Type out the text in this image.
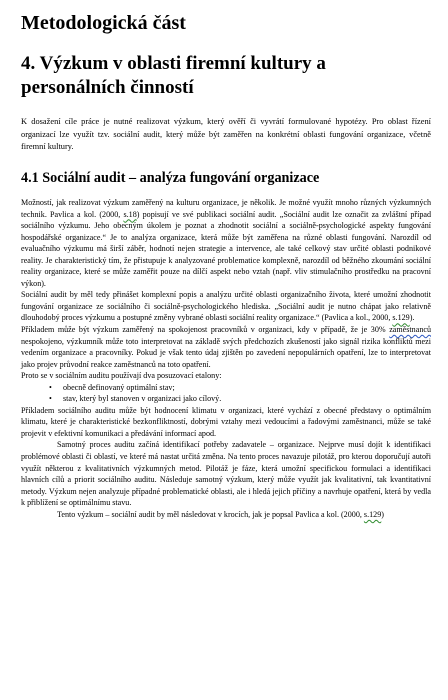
Metodologická část
4. Výzkum v oblasti firemní kultury a personálních činností

K dosažení cíle práce je nutné realizovat výzkum, který ověří či vyvrátí formulované hypotézy. Pro oblast řízení organizací lze využít tzv. sociální audit, který může být zaměřen na konkrétní oblasti fungování organizace, včetně firemní kultury.

4.1 Sociální audit – analýza fungování organizace

Možností, jak realizovat výzkum zaměřený na kulturu organizace, je několik. Je možné využít mnoho různých výzkumných technik. Pavlica a kol. (2000, s.18) popisují ve své publikaci sociální audit. „Sociální audit lze označit za zvláštní případ sociálního výzkumu. Jeho obecným úkolem je poznat a zhodnotit sociální a sociálně-psychologické aspekty fungování hospodářské organizace.“ Je to analýza organizace, která může být zaměřena na různé oblasti fungování. Narozdíl od evaluačního výzkumu má širší záběr, hodnotí nejen strategie a intervence, ale také celkový stav určité oblasti podnikové reality. Je charakteristický tím, že přistupuje k analyzované problematice komplexně, narozdíl od běžného zkoumání sociální reality organizace, které se může zaměřit pouze na dílčí aspekt nebo vztah (např. vliv stimulačního prostředku na pracovní výkon).

Sociální audit by měl tedy přinášet komplexní popis a analýzu určité oblasti organizačního života, které umožní zhodnotit fungování organizace ze sociálního či sociálně-psychologického hlediska. „Sociální audit je nutno chápat jako relativně dlouhodobý proces výzkumu a postupné změny vybrané oblasti sociální reality organizace.“ (Pavlica a kol., 2000, s.129).

Příkladem může být výzkum zaměřený na spokojenost pracovníků v organizaci, kdy v případě, že je 30% zaměstnanců nespokojeno, výzkumník může toto interpretovat na základě svých předchozích zkušeností jako signál rizika konfliktů mezi vedením organizace a pracovníky. Pokud je však tento údaj zjištěn po zavedení nepopulárních opatření, lze to interpretovat jako projev průvodní reakce zaměstnanců na toto opatření.

Proto se v sociálním auditu používají dva posuzovací etalony:

• obecně definovaný optimální stav;
• stav, který byl stanoven v organizaci jako cílový.

Příkladem sociálního auditu může být hodnocení klimatu v organizaci, které vychází z obecné představy o optimálním klimatu, které je charakteristické bezkonfliktností, dobrými vztahy mezi vedoucími a řadovými zaměstnanci, může se také projevit v efektivní komunikaci a předávání informací apod.

Samotný proces auditu začíná identifikací potřeby zadavatele – organizace. Nejprve musí dojít k identifikaci problémové oblasti či oblastí, ve které má nastat určitá změna. Na tento proces navazuje pilotáž, pro kterou doporučují autoři využít některou z kvalitativních výzkumných metod. Pilotáž je fáze, která umožní specifickou formulaci a identifikaci hlavních cílů a priorit sociálního auditu. Následuje samotný výzkum, který může využít jak kvalitativní, tak kvantitativní metody. Výzkum nejen analyzuje případné problematické oblasti, ale i hledá jejich příčiny a navrhuje opatření, která by vedla k přiblížení se optimálnímu stavu.

Tento výzkum – sociální audit by měl následovat v krocích, jak je popsal Pavlica a kol. (2000, s.129)
